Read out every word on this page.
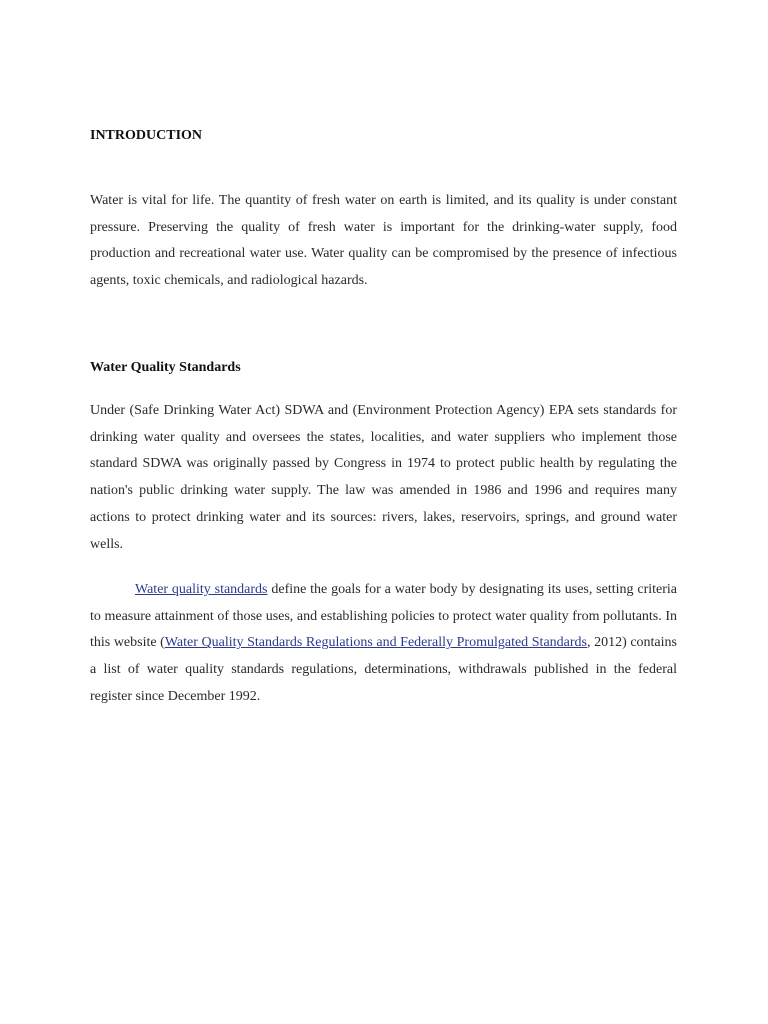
INTRODUCTION

Water is vital for life. The quantity of fresh water on earth is limited, and its quality is under constant pressure. Preserving the quality of fresh water is important for the drinking-water supply, food production and recreational water use. Water quality can be compromised by the presence of infectious agents, toxic chemicals, and radiological hazards.

Water Quality Standards

Under (Safe Drinking Water Act) SDWA and (Environment Protection Agency) EPA sets standards for drinking water quality and oversees the states, localities, and water suppliers who implement those standard SDWA was originally passed by Congress in 1974 to protect public health by regulating the nation's public drinking water supply. The law was amended in 1986 and 1996 and requires many actions to protect drinking water and its sources: rivers, lakes, reservoirs, springs, and ground water wells.

Water quality standards define the goals for a water body by designating its uses, setting criteria to measure attainment of those uses, and establishing policies to protect water quality from pollutants. In this website (Water Quality Standards Regulations and Federally Promulgated Standards, 2012) contains a list of water quality standards regulations, determinations, withdrawals published in the federal register since December 1992.
